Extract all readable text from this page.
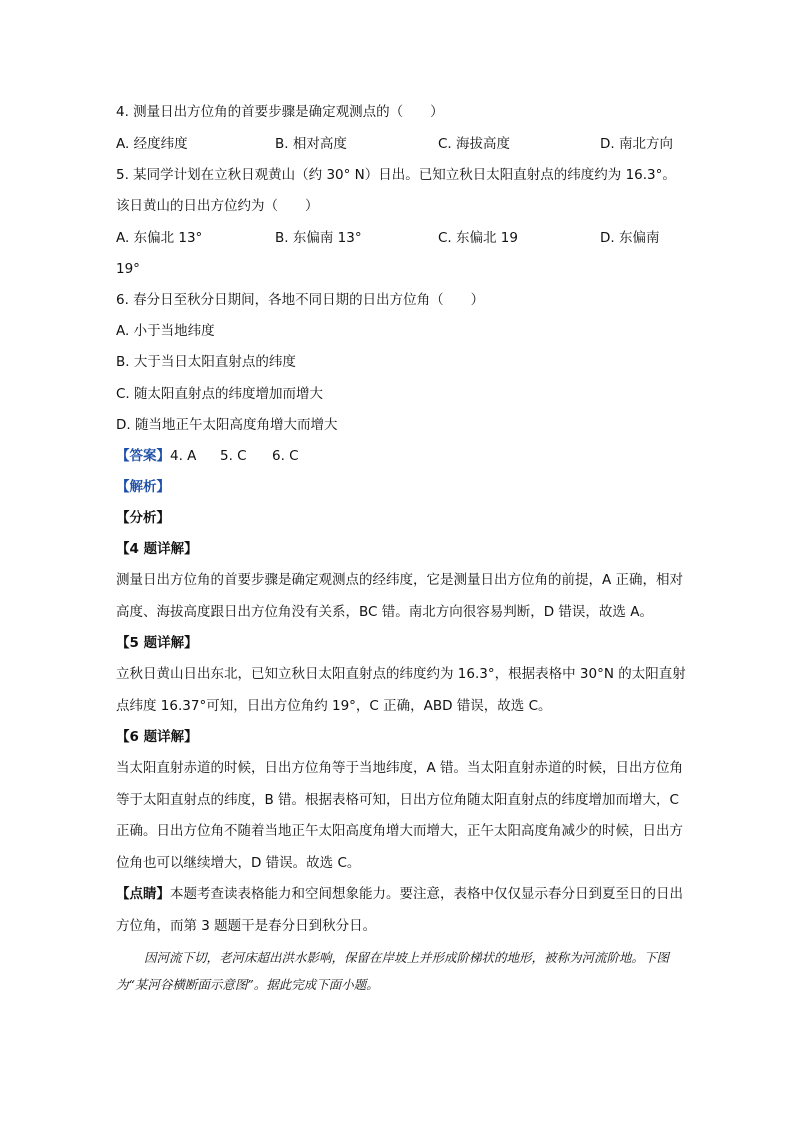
4. 测量日出方位角的首要步骤是确定观测点的（　　）
A. 经度纬度	B. 相对高度	C. 海拔高度	D. 南北方向
5. 某同学计划在立秋日观黄山（约 30° N）日出。已知立秋日太阳直射点的纬度约为 16.3°。
该日黄山的日出方位约为（　　）
A. 东偏北 13°	B. 东偏南 13°	C. 东偏北 19	D. 东偏南
19°
6. 春分日至秋分日期间，各地不同日期的日出方位角（　　）
A. 小于当地纬度
B. 大于当日太阳直射点的纬度
C. 随太阳直射点的纬度增加而增大
D. 随当地正午太阳高度角增大而增大
【答案】 4. A 5. C 6. C
【解析】
【分析】
【4 题详解】
测量日出方位角的首要步骤是确定观测点的经纬度，它是测量日出方位角的前提，A 正确，相对高度、海拔高度跟日出方位角没有关系，BC 错。南北方向很容易判断，D 错误，故选 A。
【5 题详解】
立秋日黄山日出东北，已知立秋日太阳直射点的纬度约为 16.3°，根据表格中 30°N 的太阳直射点纬度 16.37°可知，日出方位角约 19°，C 正确，ABD 错误，故选 C。
【6 题详解】
当太阳直射赤道的时候，日出方位角等于当地纬度，A 错。当太阳直射赤道的时候，日出方位角等于太阳直射点的纬度，B 错。根据表格可知，日出方位角随太阳直射点的纬度增加而增大，C 正确。日出方位角不随着当地正午太阳高度角增大而增大，正午太阳高度角减少的时候，日出方位角也可以继续增大，D 错误。故选 C。
【点睛】本题考查读表格能力和空间想象能力。要注意，表格中仅仅显示春分日到夏至日的日出方位角，而第 3 题题干是春分日到秋分日。
因河流下切，老河床超出洪水影响，保留在岸坡上并形成阶梯状的地形，被称为河流阶地。下图为“某河谷横断面示意图”。据此完成下面小题。
